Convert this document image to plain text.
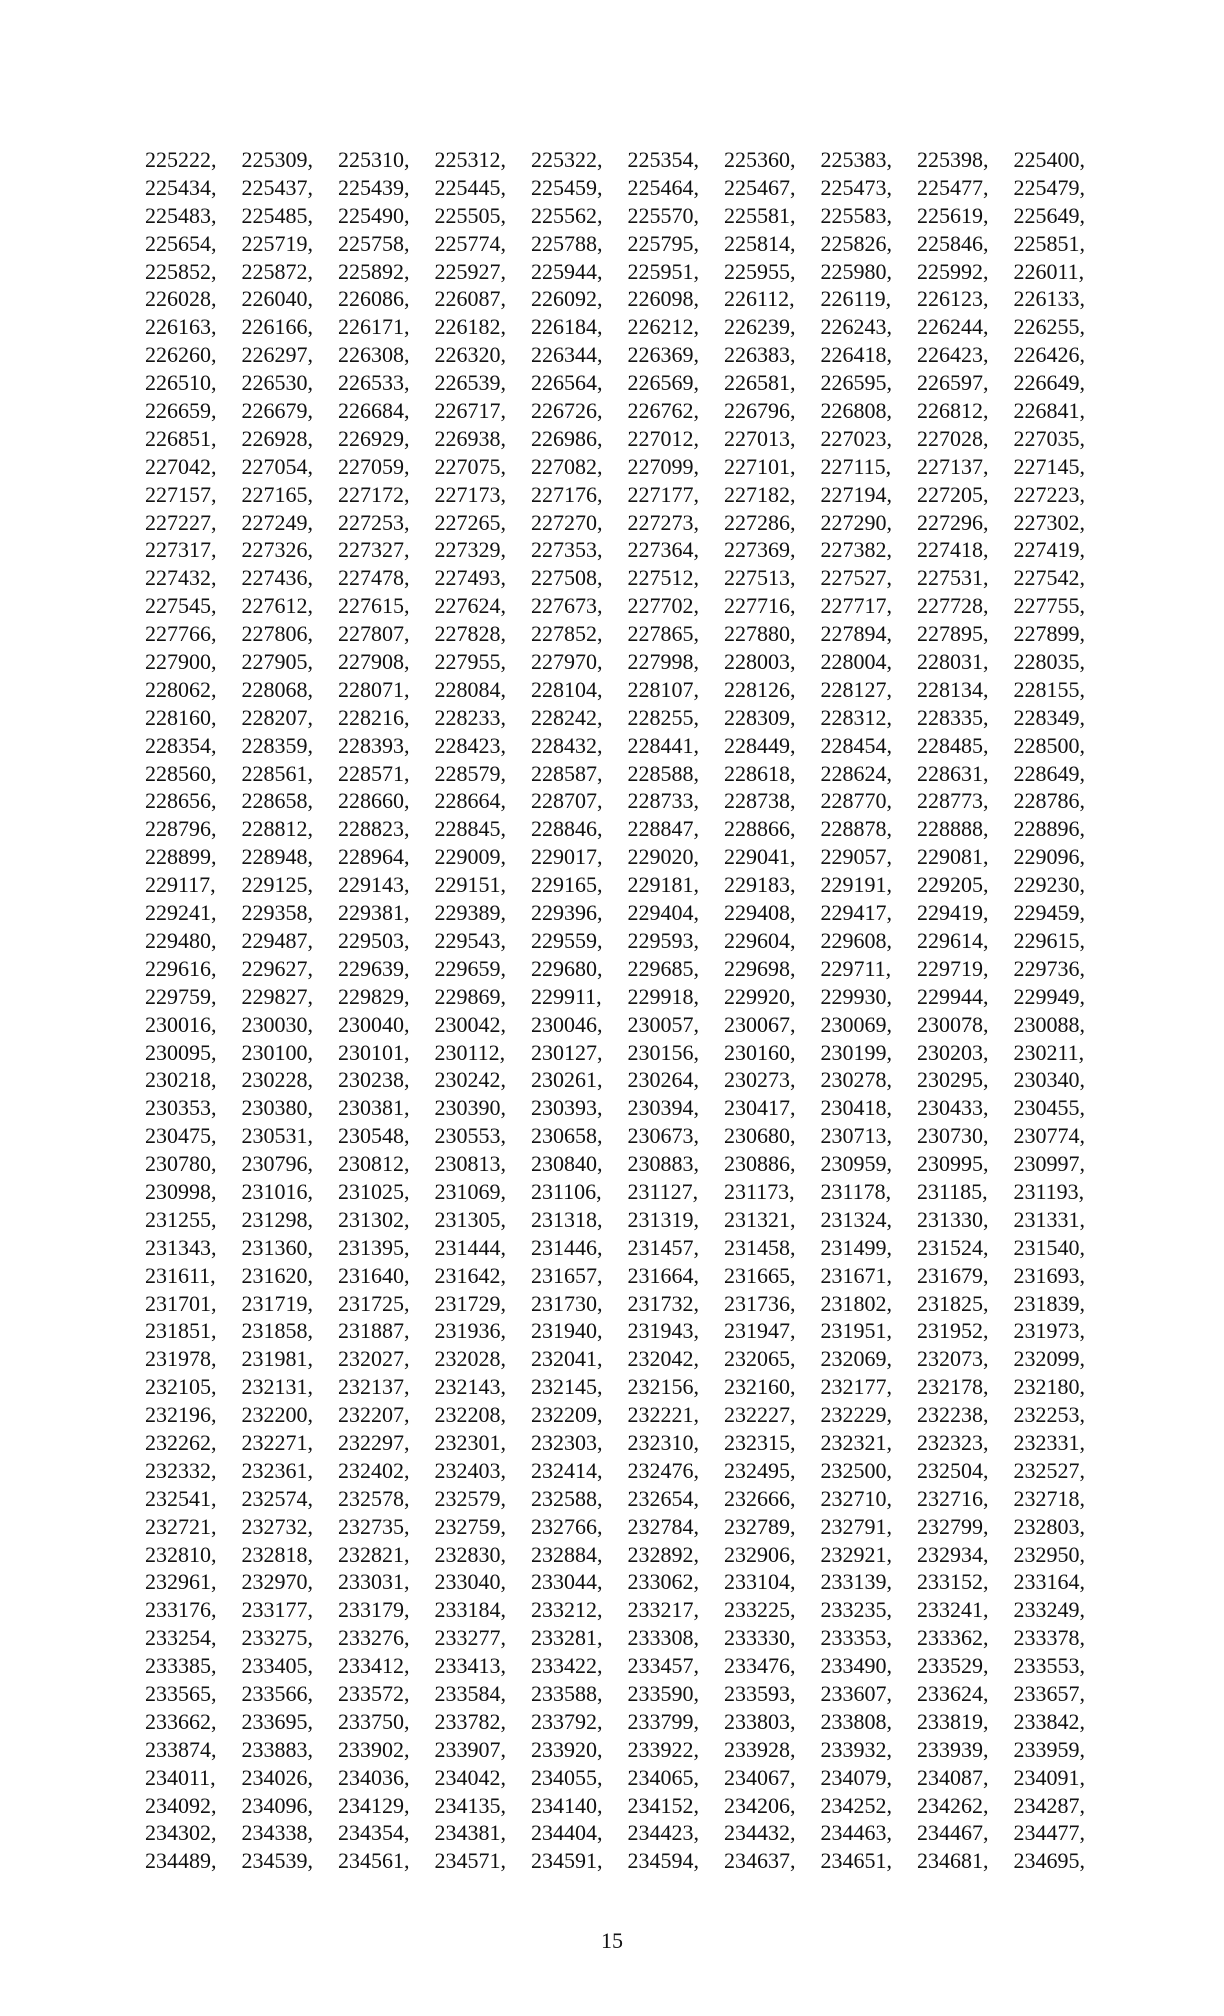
225222,	225309,	225310,	225312,	225322,	225354,	225360,	225383,	225398,	225400,
225434,	225437,	225439,	225445,	225459,	225464,	225467,	225473,	225477,	225479,
225483,	225485,	225490,	225505,	225562,	225570,	225581,	225583,	225619,	225649,
225654,	225719,	225758,	225774,	225788,	225795,	225814,	225826,	225846,	225851,
225852,	225872,	225892,	225927,	225944,	225951,	225955,	225980,	225992,	226011,
226028,	226040,	226086,	226087,	226092,	226098,	226112,	226119,	226123,	226133,
226163,	226166,	226171,	226182,	226184,	226212,	226239,	226243,	226244,	226255,
226260,	226297,	226308,	226320,	226344,	226369,	226383,	226418,	226423,	226426,
226510,	226530,	226533,	226539,	226564,	226569,	226581,	226595,	226597,	226649,
226659,	226679,	226684,	226717,	226726,	226762,	226796,	226808,	226812,	226841,
226851,	226928,	226929,	226938,	226986,	227012,	227013,	227023,	227028,	227035,
227042,	227054,	227059,	227075,	227082,	227099,	227101,	227115,	227137,	227145,
227157,	227165,	227172,	227173,	227176,	227177,	227182,	227194,	227205,	227223,
227227,	227249,	227253,	227265,	227270,	227273,	227286,	227290,	227296,	227302,
227317,	227326,	227327,	227329,	227353,	227364,	227369,	227382,	227418,	227419,
227432,	227436,	227478,	227493,	227508,	227512,	227513,	227527,	227531,	227542,
227545,	227612,	227615,	227624,	227673,	227702,	227716,	227717,	227728,	227755,
227766,	227806,	227807,	227828,	227852,	227865,	227880,	227894,	227895,	227899,
227900,	227905,	227908,	227955,	227970,	227998,	228003,	228004,	228031,	228035,
228062,	228068,	228071,	228084,	228104,	228107,	228126,	228127,	228134,	228155,
228160,	228207,	228216,	228233,	228242,	228255,	228309,	228312,	228335,	228349,
228354,	228359,	228393,	228423,	228432,	228441,	228449,	228454,	228485,	228500,
228560,	228561,	228571,	228579,	228587,	228588,	228618,	228624,	228631,	228649,
228656,	228658,	228660,	228664,	228707,	228733,	228738,	228770,	228773,	228786,
228796,	228812,	228823,	228845,	228846,	228847,	228866,	228878,	228888,	228896,
228899,	228948,	228964,	229009,	229017,	229020,	229041,	229057,	229081,	229096,
229117,	229125,	229143,	229151,	229165,	229181,	229183,	229191,	229205,	229230,
229241,	229358,	229381,	229389,	229396,	229404,	229408,	229417,	229419,	229459,
229480,	229487,	229503,	229543,	229559,	229593,	229604,	229608,	229614,	229615,
229616,	229627,	229639,	229659,	229680,	229685,	229698,	229711,	229719,	229736,
229759,	229827,	229829,	229869,	229911,	229918,	229920,	229930,	229944,	229949,
230016,	230030,	230040,	230042,	230046,	230057,	230067,	230069,	230078,	230088,
230095,	230100,	230101,	230112,	230127,	230156,	230160,	230199,	230203,	230211,
230218,	230228,	230238,	230242,	230261,	230264,	230273,	230278,	230295,	230340,
230353,	230380,	230381,	230390,	230393,	230394,	230417,	230418,	230433,	230455,
230475,	230531,	230548,	230553,	230658,	230673,	230680,	230713,	230730,	230774,
230780,	230796,	230812,	230813,	230840,	230883,	230886,	230959,	230995,	230997,
230998,	231016,	231025,	231069,	231106,	231127,	231173,	231178,	231185,	231193,
231255,	231298,	231302,	231305,	231318,	231319,	231321,	231324,	231330,	231331,
231343,	231360,	231395,	231444,	231446,	231457,	231458,	231499,	231524,	231540,
231611,	231620,	231640,	231642,	231657,	231664,	231665,	231671,	231679,	231693,
231701,	231719,	231725,	231729,	231730,	231732,	231736,	231802,	231825,	231839,
231851,	231858,	231887,	231936,	231940,	231943,	231947,	231951,	231952,	231973,
231978,	231981,	232027,	232028,	232041,	232042,	232065,	232069,	232073,	232099,
232105,	232131,	232137,	232143,	232145,	232156,	232160,	232177,	232178,	232180,
232196,	232200,	232207,	232208,	232209,	232221,	232227,	232229,	232238,	232253,
232262,	232271,	232297,	232301,	232303,	232310,	232315,	232321,	232323,	232331,
232332,	232361,	232402,	232403,	232414,	232476,	232495,	232500,	232504,	232527,
232541,	232574,	232578,	232579,	232588,	232654,	232666,	232710,	232716,	232718,
232721,	232732,	232735,	232759,	232766,	232784,	232789,	232791,	232799,	232803,
232810,	232818,	232821,	232830,	232884,	232892,	232906,	232921,	232934,	232950,
232961,	232970,	233031,	233040,	233044,	233062,	233104,	233139,	233152,	233164,
233176,	233177,	233179,	233184,	233212,	233217,	233225,	233235,	233241,	233249,
233254,	233275,	233276,	233277,	233281,	233308,	233330,	233353,	233362,	233378,
233385,	233405,	233412,	233413,	233422,	233457,	233476,	233490,	233529,	233553,
233565,	233566,	233572,	233584,	233588,	233590,	233593,	233607,	233624,	233657,
233662,	233695,	233750,	233782,	233792,	233799,	233803,	233808,	233819,	233842,
233874,	233883,	233902,	233907,	233920,	233922,	233928,	233932,	233939,	233959,
234011,	234026,	234036,	234042,	234055,	234065,	234067,	234079,	234087,	234091,
234092,	234096,	234129,	234135,	234140,	234152,	234206,	234252,	234262,	234287,
234302,	234338,	234354,	234381,	234404,	234423,	234432,	234463,	234467,	234477,
234489,	234539,	234561,	234571,	234591,	234594,	234637,	234651,	234681,	234695,
15
